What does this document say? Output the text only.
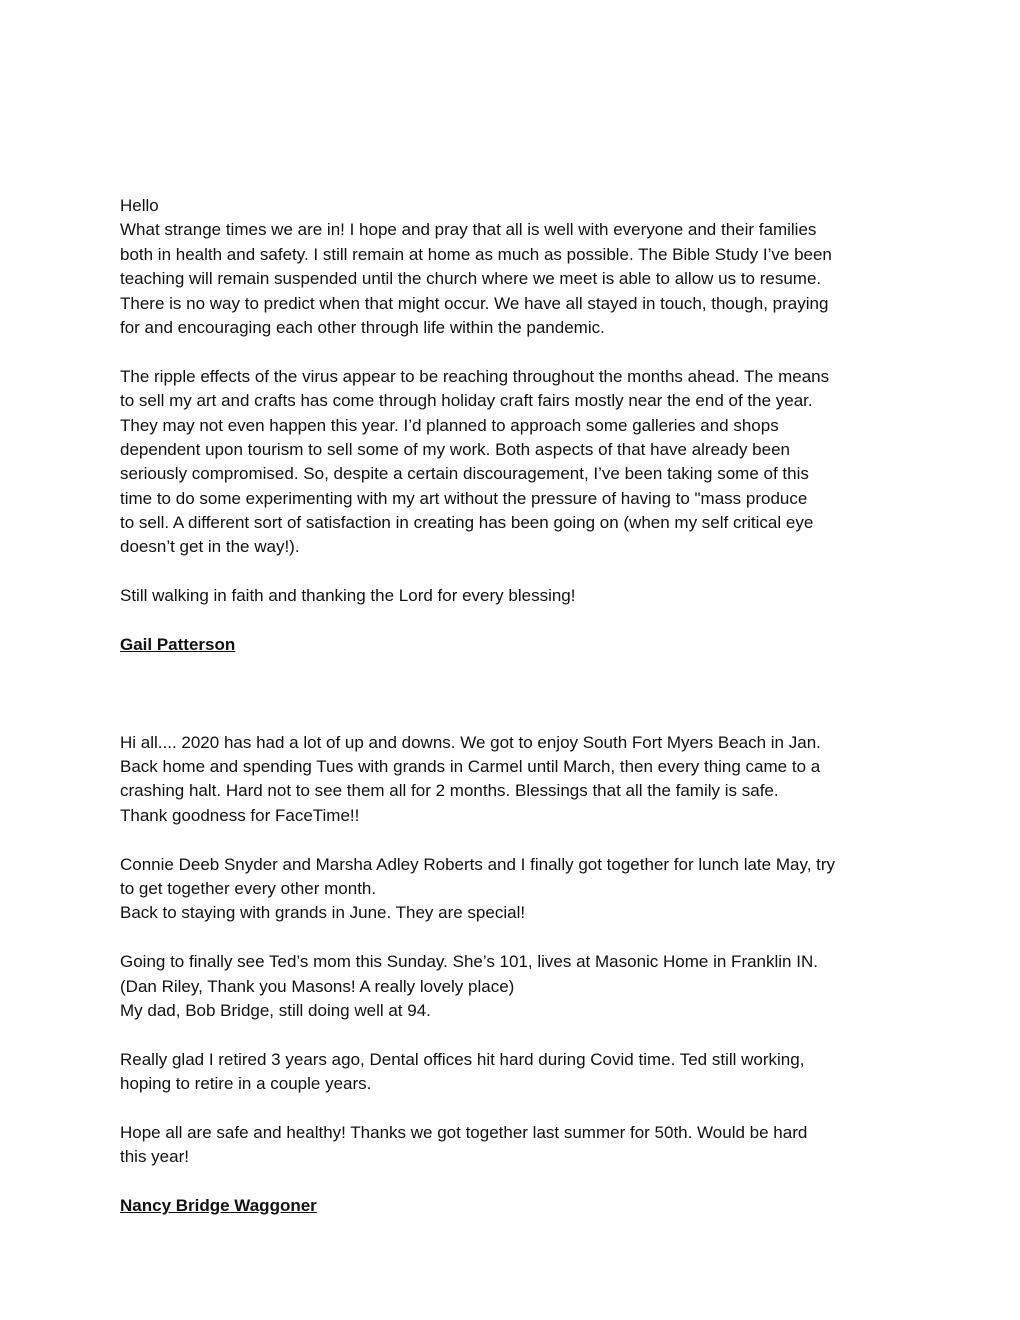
Hello
What strange times we are in! I hope and pray that all is well with everyone and their families
both in health and safety. I still remain at home as much as possible. The Bible Study I’ve been
teaching will remain suspended until the church where we meet is able to allow us to resume.
There is no way to predict when that might occur. We have all stayed in touch, though, praying
for and encouraging each other through life within the pandemic.
The ripple effects of the virus appear to be reaching throughout the months ahead. The means
to sell my art and crafts has come through holiday craft fairs mostly near the end of the year.
They may not even happen this year. I’d planned to approach some galleries and shops
dependent upon tourism to sell some of my work. Both aspects of that have already been
seriously compromised. So, despite a certain discouragement, I’ve been taking some of this
time to do some experimenting with my art without the pressure of having to "mass produce
to sell. A different sort of satisfaction in creating has been going on (when my self critical eye
doesn’t get in the way!).
Still walking in faith and thanking the Lord for every blessing!
Gail Patterson
Hi all.... 2020 has had a lot of up and downs. We got to enjoy South Fort Myers Beach in Jan.
Back home and spending Tues with grands in Carmel until March, then every thing came to a
crashing halt. Hard not to see them all for 2 months. Blessings that all the family is safe.
Thank goodness for FaceTime!!
Connie Deeb Snyder and Marsha Adley Roberts and I finally got together for lunch late May, try
to get together every other month.
Back to staying with grands in June. They are special!
Going to finally see Ted’s mom this Sunday. She’s 101, lives at Masonic Home in Franklin IN.
(Dan Riley, Thank you Masons! A really lovely place)
My dad, Bob Bridge, still doing well at 94.
Really glad I retired 3 years ago, Dental offices hit hard during Covid time. Ted still working,
hoping to retire in a couple years.
Hope all are safe and healthy! Thanks we got together last summer for 50th. Would be hard
this year!
Nancy Bridge Waggoner
